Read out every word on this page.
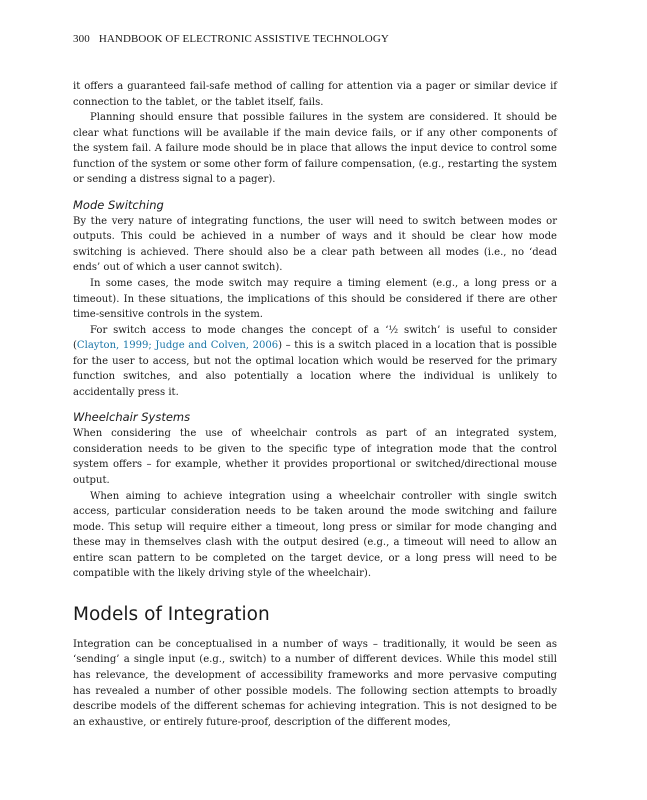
300 HANDBOOK OF ELECTRONIC ASSISTIVE TECHNOLOGY

it offers a guaranteed fail-safe method of calling for attention via a pager or similar device if connection to the tablet, or the tablet itself, fails.

Planning should ensure that possible failures in the system are considered. It should be clear what functions will be available if the main device fails, or if any other components of the system fail. A failure mode should be in place that allows the input device to control some function of the system or some other form of failure compensation, (e.g., restarting the system or sending a distress signal to a pager).

Mode Switching

By the very nature of integrating functions, the user will need to switch between modes or outputs. This could be achieved in a number of ways and it should be clear how mode switching is achieved. There should also be a clear path between all modes (i.e., no ‘dead ends’ out of which a user cannot switch).

In some cases, the mode switch may require a timing element (e.g., a long press or a timeout). In these situations, the implications of this should be considered if there are other time-sensitive controls in the system.

For switch access to mode changes the concept of a ‘½ switch’ is useful to consider (Clayton, 1999; Judge and Colven, 2006) – this is a switch placed in a location that is possible for the user to access, but not the optimal location which would be reserved for the primary function switches, and also potentially a location where the individual is unlikely to accidentally press it.

Wheelchair Systems

When considering the use of wheelchair controls as part of an integrated system, consideration needs to be given to the specific type of integration mode that the control system offers – for example, whether it provides proportional or switched/directional mouse output.

When aiming to achieve integration using a wheelchair controller with single switch access, particular consideration needs to be taken around the mode switching and failure mode. This setup will require either a timeout, long press or similar for mode changing and these may in themselves clash with the output desired (e.g., a timeout will need to allow an entire scan pattern to be completed on the target device, or a long press will need to be compatible with the likely driving style of the wheelchair).

Models of Integration

Integration can be conceptualised in a number of ways – traditionally, it would be seen as ‘sending’ a single input (e.g., switch) to a number of different devices. While this model still has relevance, the development of accessibility frameworks and more pervasive computing has revealed a number of other possible models. The following section attempts to broadly describe models of the different schemas for achieving integration. This is not designed to be an exhaustive, or entirely future-proof, description of the different modes,
